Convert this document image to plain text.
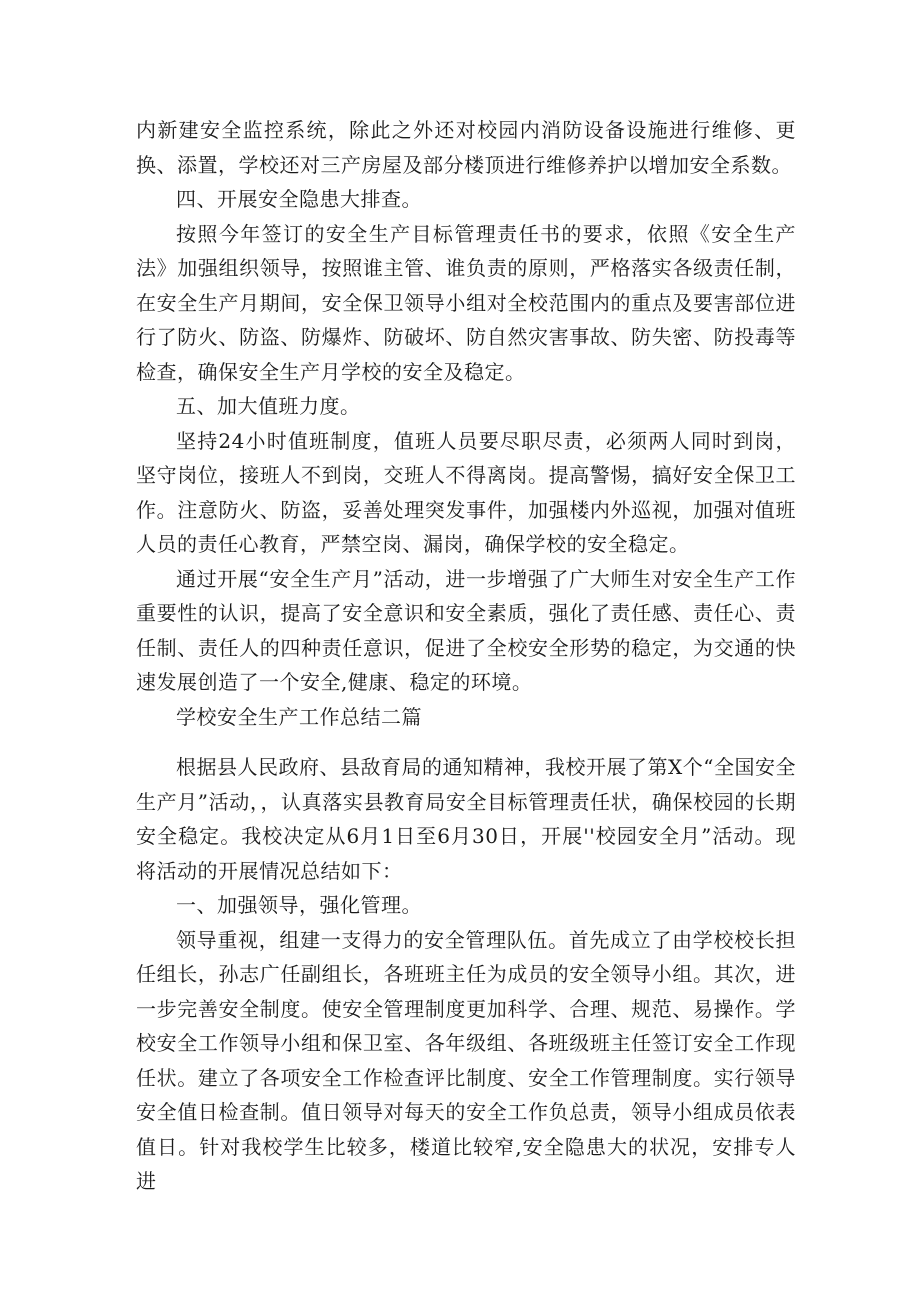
内新建安全监控系统，除此之外还对校园内消防设备设施进行维修、更换、添置，学校还对三产房屋及部分楼顶进行维修养护以增加安全系数。

四、开展安全隐患大排查。

按照今年签订的安全生产目标管理责任书的要求，依照《安全生产法》加强组织领导，按照谁主管、谁负责的原则，严格落实各级责任制，在安全生产月期间，安全保卫领导小组对全校范围内的重点及要害部位进行了防火、防盗、防爆炸、防破坏、防自然灾害事故、防失密、防投毒等检查，确保安全生产月学校的安全及稳定。

五、加大值班力度。

坚持24小时值班制度，值班人员要尽职尽责，必须两人同时到岗，坚守岗位，接班人不到岗，交班人不得离岗。提高警惕，搞好安全保卫工作。注意防火、防盗，妥善处理突发事件，加强楼内外巡视，加强对值班人员的责任心教育，严禁空岗、漏岗，确保学校的安全稳定。

通过开展“安全生产月”活动，进一步增强了广大师生对安全生产工作重要性的认识，提高了安全意识和安全素质，强化了责任感、责任心、责任制、责任人的四种责任意识，促进了全校安全形势的稳定，为交通的快速发展创造了一个安全,健康、稳定的环境。

学校安全生产工作总结二篇

根据县人民政府、县敌育局的通知精神，我校开展了第X个“全国安全生产月”活动，，认真落实县教育局安全目标管理责任状，确保校园的长期安全稳定。我校决定从6月1日至6月30日，开展''校园安全月”活动。现将活动的开展情况总结如下：

一、加强领导，强化管理。

领导重视，组建一支得力的安全管理队伍。首先成立了由学校校长担任组长，孙志广任副组长，各班班主任为成员的安全领导小组。其次，进一步完善安全制度。使安全管理制度更加科学、合理、规范、易操作。学校安全工作领导小组和保卫室、各年级组、各班级班主任签订安全工作现任状。建立了各项安全工作检查评比制度、安全工作管理制度。实行领导安全值日检查制。值日领导对每天的安全工作负总责，领导小组成员依表值日。针对我校学生比较多，楼道比较窄,安全隐患大的状况，安排专人进
